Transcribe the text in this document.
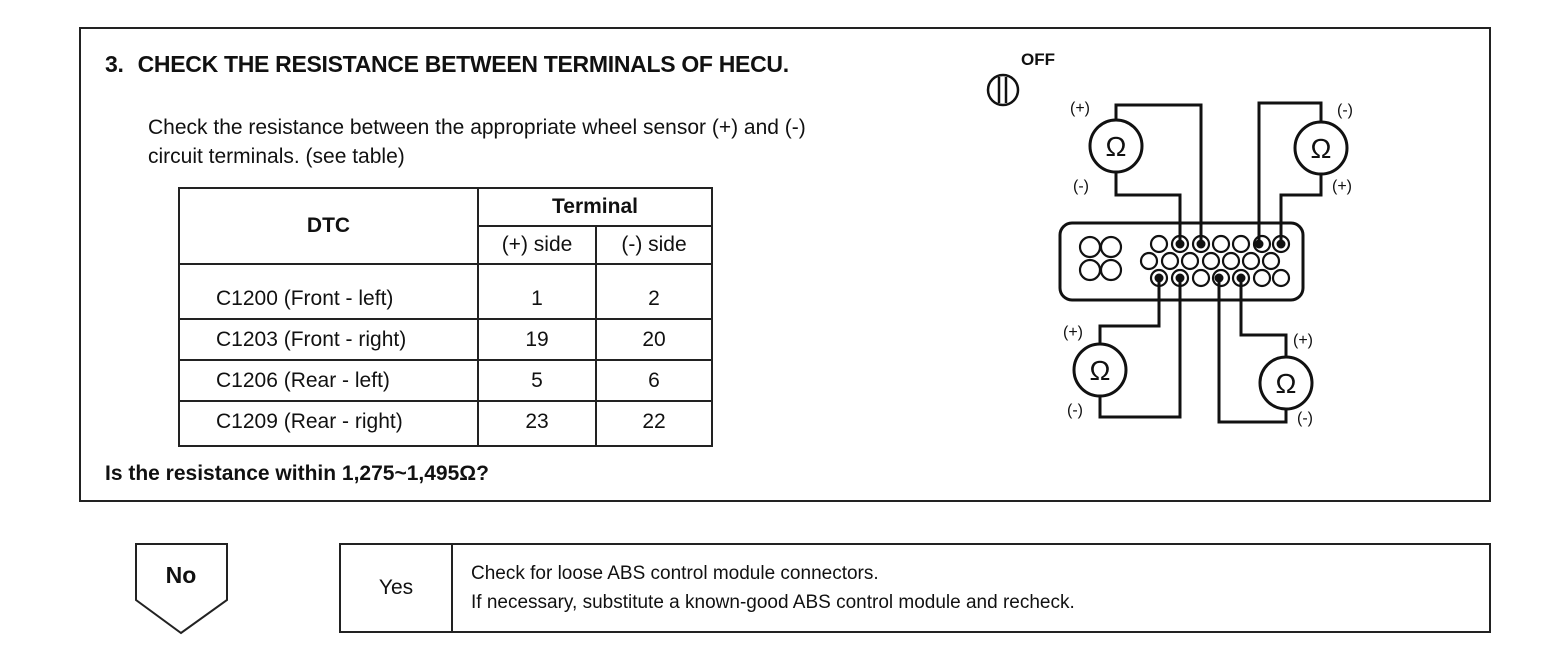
3. CHECK THE RESISTANCE BETWEEN TERMINALS OF HECU.
Check the resistance between the appropriate wheel sensor (+) and (-)
circuit terminals. (see table)
DTC	Terminal	
	(+) side	(-) side
C1200 (Front - left)	1	2
C1203 (Front - right)	19	20
C1206 (Rear - left)	5	6
C1209 (Rear - right)	23	22
Is the resistance within 1,275~1,495Ω?
OFF
Ω	Ω
Ω	Ω
(+)
(-)
(-)
(+)
(+)
(-)
(+)
(-)
No	Yes
Check for loose ABS control module connectors.
If necessary, substitute a known-good ABS control module and recheck.
